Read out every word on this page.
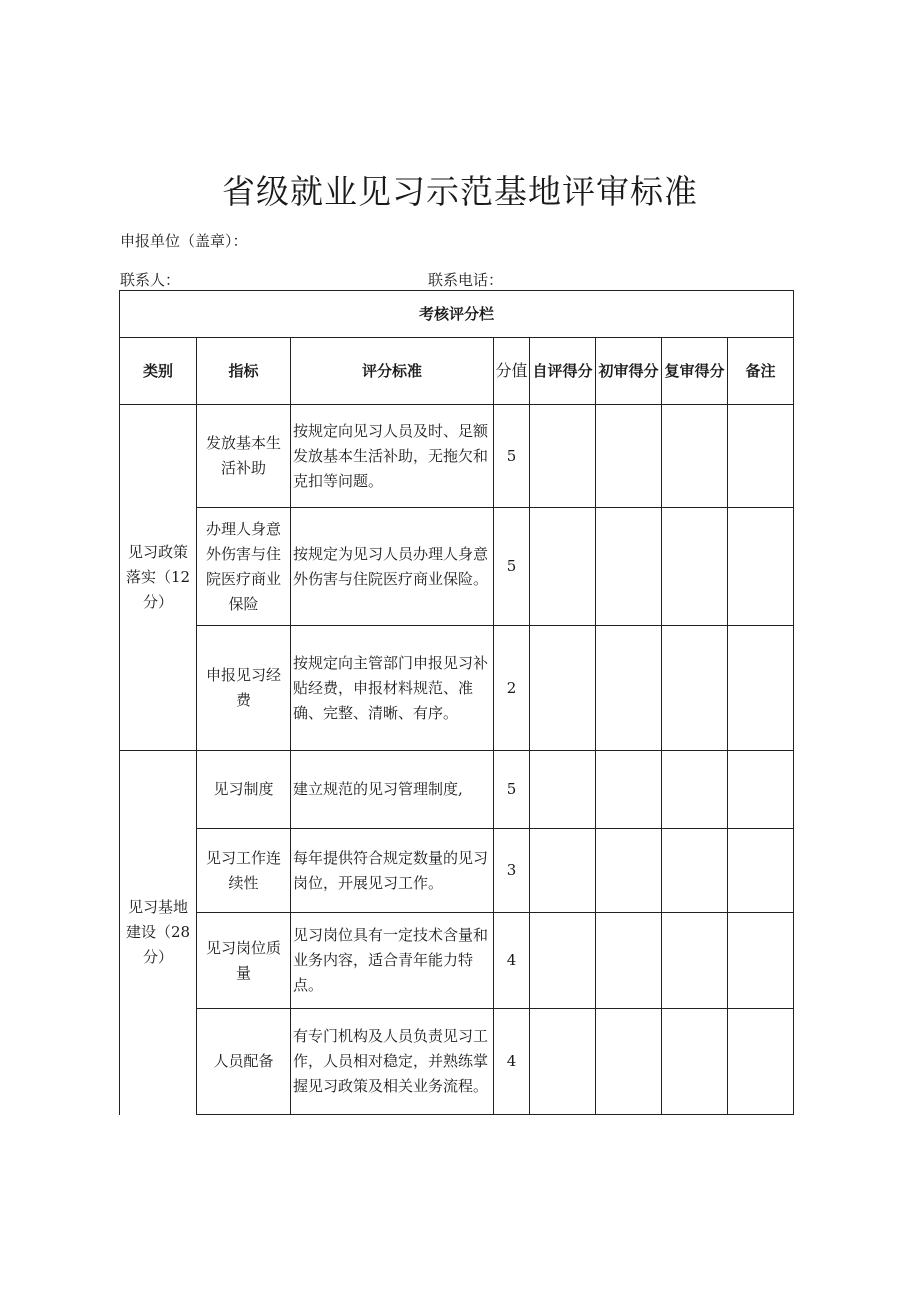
省级就业见习示范基地评审标准
申报单位（盖章）：
联系人：	联系电话：
考核评分栏							
类别	指标	评分标准	分值	自评得分	初审得分	复审得分	备注
见习政策落实（12分）	发放基本生活补助	按规定向见习人员及时、足额发放基本生活补助，无拖欠和克扣等问题。	5				
	办理人身意外伤害与住院医疗商业保险	按规定为见习人员办理人身意外伤害与住院医疗商业保险。	5				
	申报见习经费	按规定向主管部门申报见习补贴经费，申报材料规范、准确、完整、清晰、有序。	2				
见习基地建设（28分）	见习制度	建立规范的见习管理制度,	5				
	见习工作连续性	每年提供符合规定数量的见习岗位，开展见习工作。	3				
	见习岗位质量	见习岗位具有一定技术含量和业务内容，适合青年能力特点。	4				
	人员配备	有专门机构及人员负责见习工作，人员相对稳定，并熟练掌握见习政策及相关业务流程。	4				
